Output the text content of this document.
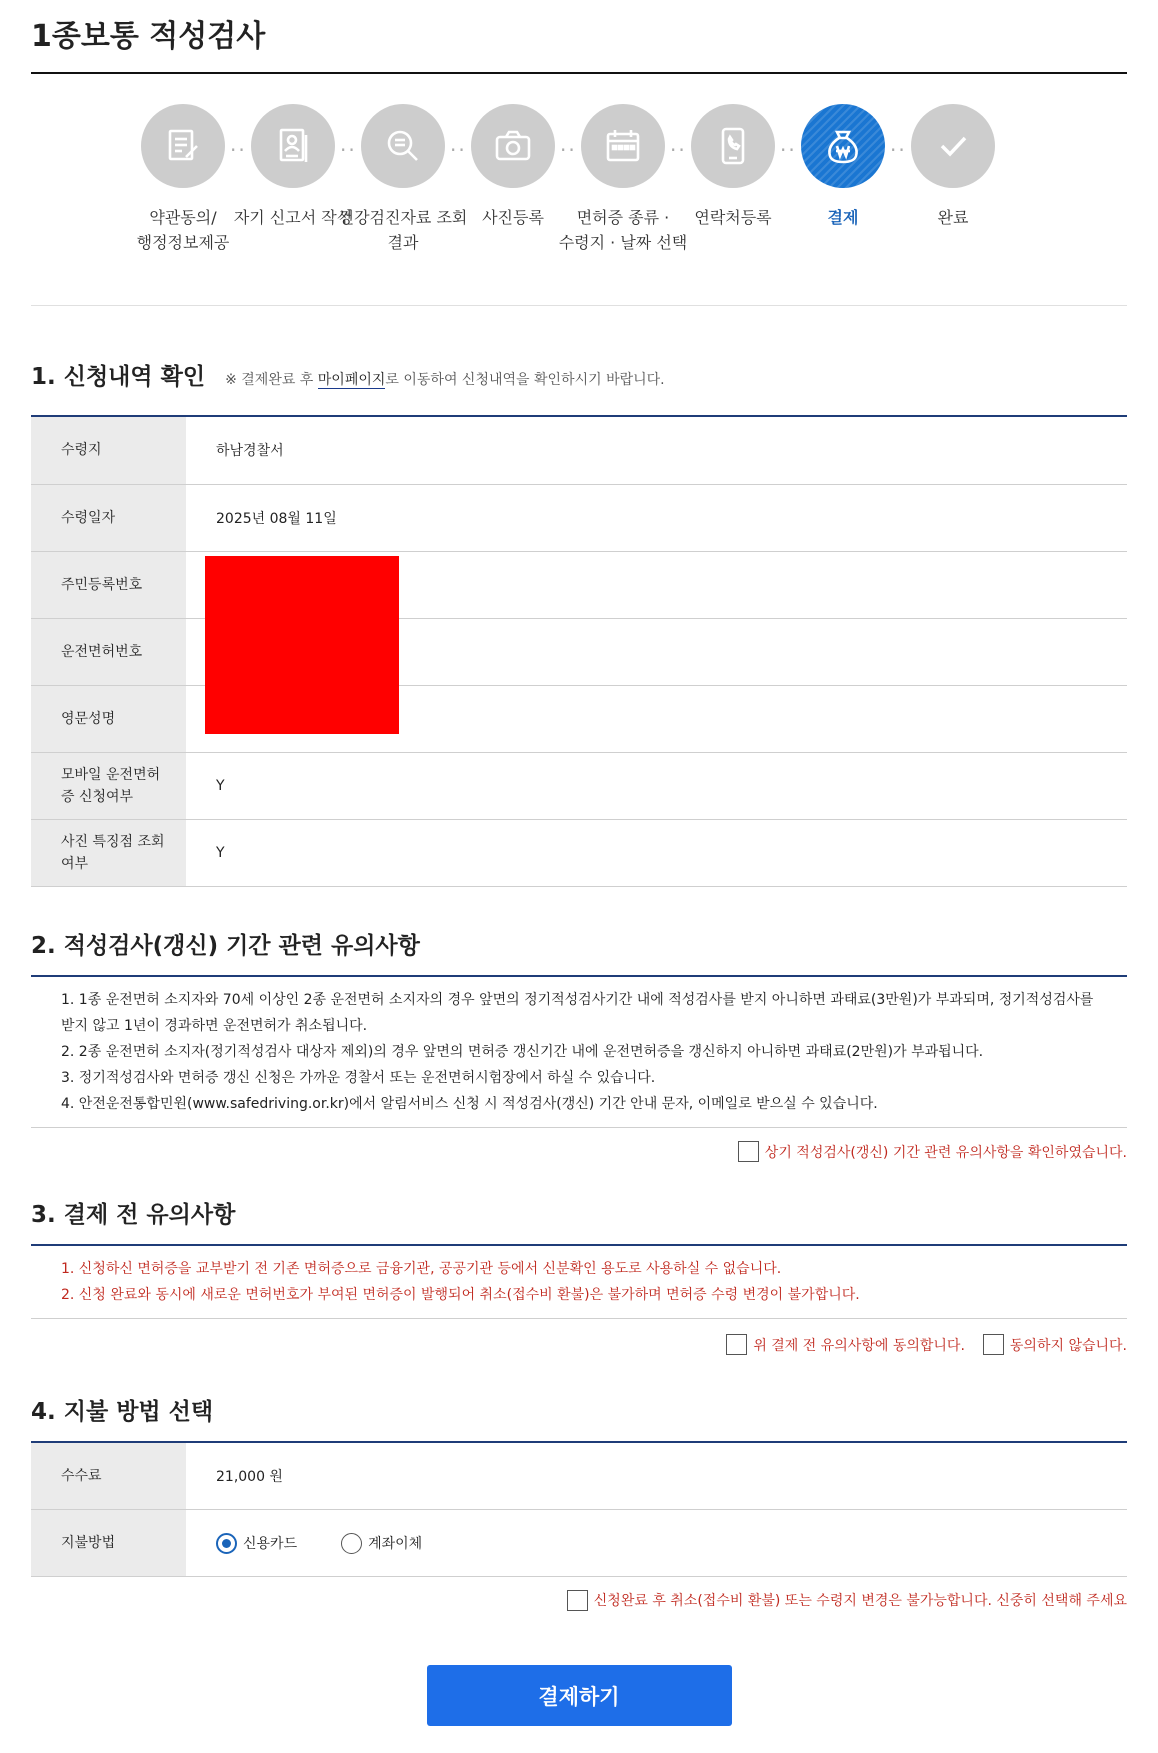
1종보통 적성검사
약관동의/
행정정보제공
··
자기 신고서 작성
··
건강검진자료 조회
결과
··
사진등록
··
면허증 종류 ·
수령지 · 날짜 선택
··
연락처등록
··
결제
··
완료
1. 신청내역 확인 ※ 결제완료 후 마이페이지로 이동하여 신청내역을 확인하시기 바랍니다.
수령지	하남경찰서
수령일자	2025년 08월 11일
주민등록번호	
운전면허번호	
영문성명	
모바일 운전면허증 신청여부	Y
사진 특징점 조회 여부	Y
2. 적성검사(갱신) 기간 관련 유의사항
1. 1종 운전면허 소지자와 70세 이상인 2종 운전면허 소지자의 경우 앞면의 정기적성검사기간 내에 적성검사를 받지 아니하면 과태료(3만원)가 부과되며, 정기적성검사를
받지 않고 1년이 경과하면 운전면허가 취소됩니다.
2. 2종 운전면허 소지자(정기적성검사 대상자 제외)의 경우 앞면의 면허증 갱신기간 내에 운전면허증을 갱신하지 아니하면 과태료(2만원)가 부과됩니다.
3. 정기적성검사와 면허증 갱신 신청은 가까운 경찰서 또는 운전면허시험장에서 하실 수 있습니다.
4. 안전운전통합민원(www.safedriving.or.kr)에서 알림서비스 신청 시 적성검사(갱신) 기간 안내 문자, 이메일로 받으실 수 있습니다.
상기 적성검사(갱신) 기간 관련 유의사항을 확인하였습니다.
3. 결제 전 유의사항
1. 신청하신 면허증을 교부받기 전 기존 면허증으로 금융기관, 공공기관 등에서 신분확인 용도로 사용하실 수 없습니다.
2. 신청 완료와 동시에 새로운 면허번호가 부여된 면허증이 발행되어 취소(접수비 환불)은 불가하며 면허증 수령 변경이 불가합니다.
위 결제 전 유의사항에 동의합니다.	동의하지 않습니다.
4. 지불 방법 선택
수수료	21,000 원
지불방법	신용카드 계좌이체
신청완료 후 취소(접수비 환불) 또는 수령지 변경은 불가능합니다. 신중히 선택해 주세요
결제하기
